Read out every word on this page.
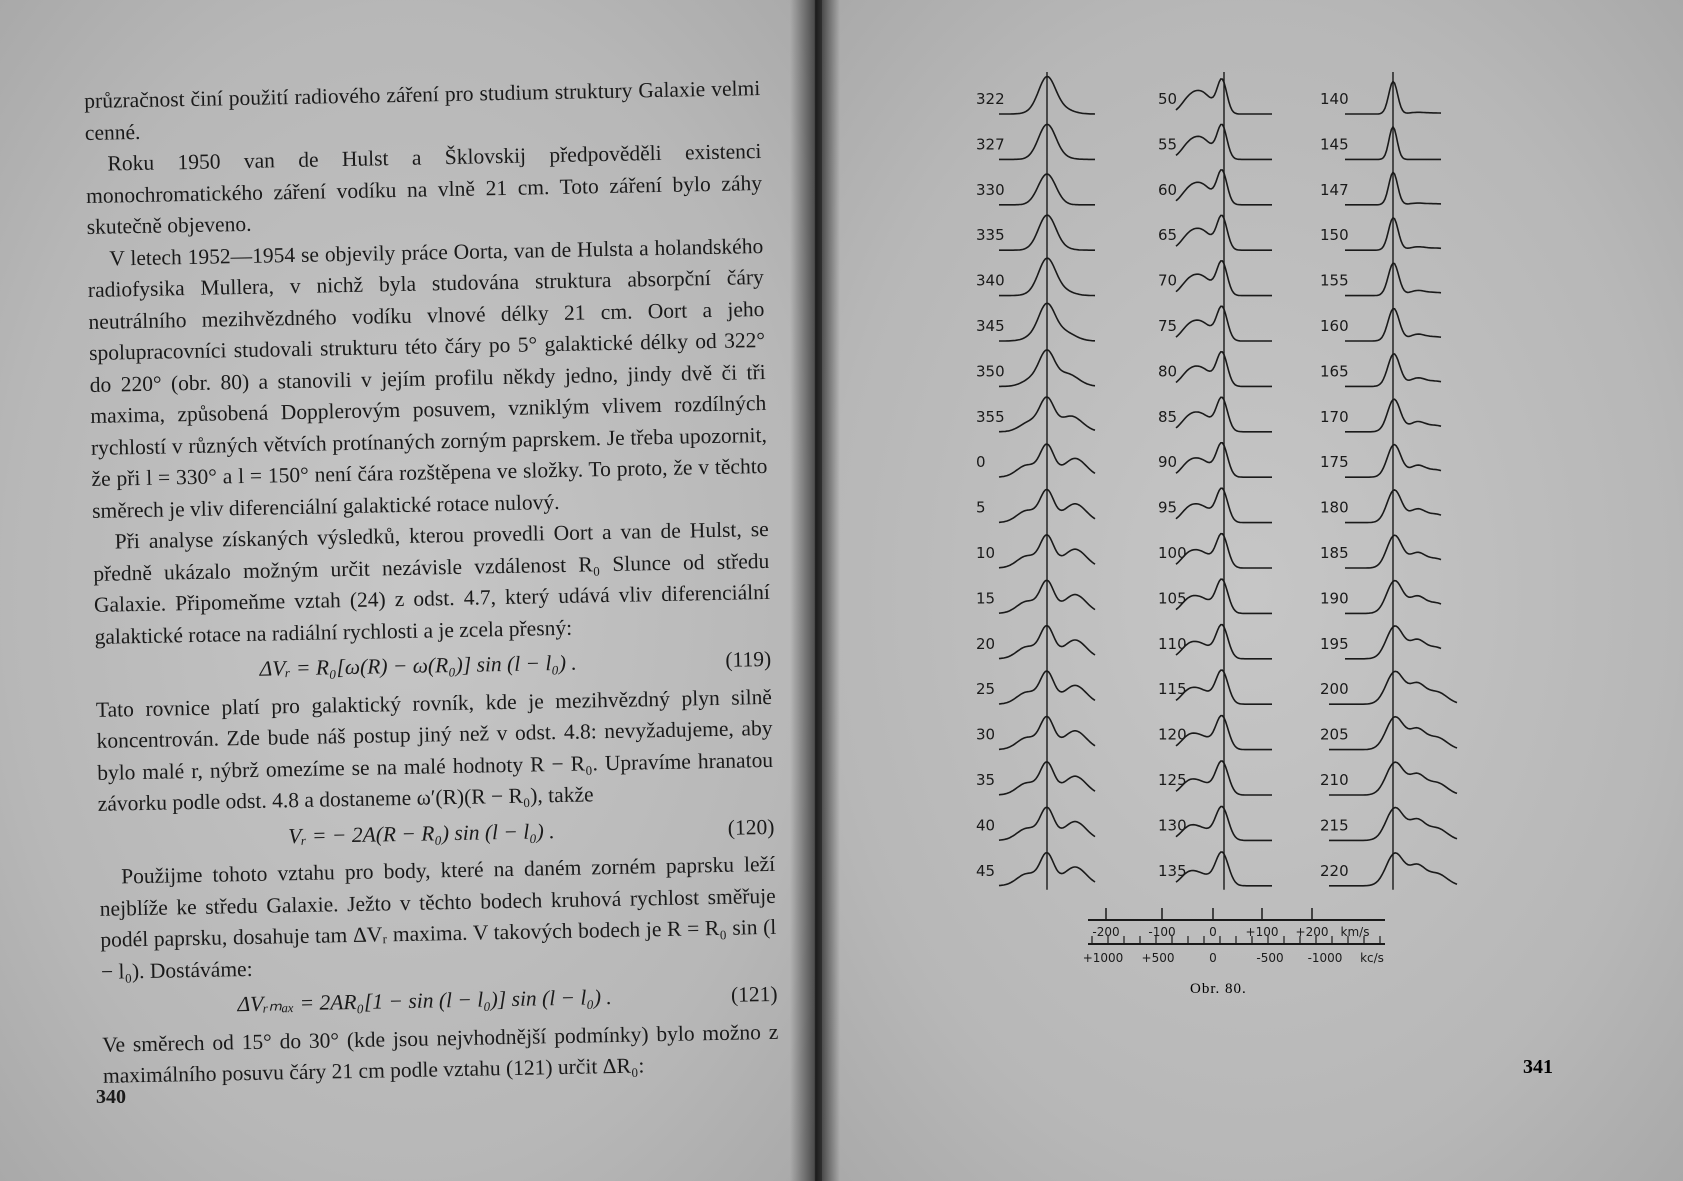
průzračnost činí použití radiového záření pro studium struktury Galaxie velmi cenné.

Roku 1950 van de Hulst a Šklovskij předpověděli existenci monochromatického záření vodíku na vlně 21 cm. Toto záření bylo záhy skutečně objeveno.

V letech 1952—1954 se objevily práce Oorta, van de Hulsta a holandského radiofysika Mullera, v nichž byla studována struktura absorpční čáry neutrálního mezihvězdného vodíku vlnové délky 21 cm. Oort a jeho spolupracovníci studovali strukturu této čáry po 5° galaktické délky od 322° do 220° (obr. 80) a stanovili v jejím profilu někdy jedno, jindy dvě či tři maxima, způsobená Dopplerovým posuvem, vzniklým vlivem rozdílných rychlostí v různých větvích protínaných zorným paprskem. Je třeba upozornit, že při l = 330° a l = 150° není čára rozštěpena ve složky. To proto, že v těchto směrech je vliv diferenciální galaktické rotace nulový.

Při analyse získaných výsledků, kterou provedli Oort a van de Hulst, se předně ukázalo možným určit nezávisle vzdálenost R₀ Slunce od středu Galaxie. Připomeňme vztah (24) z odst. 4.7, který udává vliv diferenciální galaktické rotace na radiální rychlosti a je zcela přesný:

ΔVᵣ = R₀[ω(R) − ω(R₀)] sin (l − l₀) .	(119)

Tato rovnice platí pro galaktický rovník, kde je mezihvězdný plyn silně koncentrován. Zde bude náš postup jiný než v odst. 4.8: nevyžadujeme, aby bylo malé r, nýbrž omezíme se na malé hodnoty R − R₀. Upravíme hranatou závorku podle odst. 4.8 a dostaneme ω′(R)(R − R₀), takže

Vᵣ = − 2A(R − R₀) sin (l − l₀) .	(120)

Použijme tohoto vztahu pro body, které na daném zorném paprsku leží nejblíže ke středu Galaxie. Ježto v těchto bodech kruhová rychlost směřuje podél paprsku, dosahuje tam ΔVᵣ maxima. V takových bodech je R = R₀ sin (l − l₀). Dostáváme:

ΔVᵣₘₐₓ = 2AR₀[1 − sin (l − l₀)] sin (l − l₀) .	(121)

Ve směrech od 15° do 30° (kde jsou nejvhodnější podmínky) bylo možno z maximálního posuvu čáry 21 cm podle vztahu (121) určit ΔR₀:

340
322
327
330
335
340
345
350
355
0
5
10
15
20
25
30
35
40
45
50
55
60
65
70
75
80
85
90
95
100
105
110
115
120
125
130
135
140
145
147
150
155
160
165
170
175
180
185
190
195
200
205
210
215
220
-200 -100	0 +100 +200 km/s
+1000 +500	0	-500 -1000 kc/s
Obr. 80.
341
